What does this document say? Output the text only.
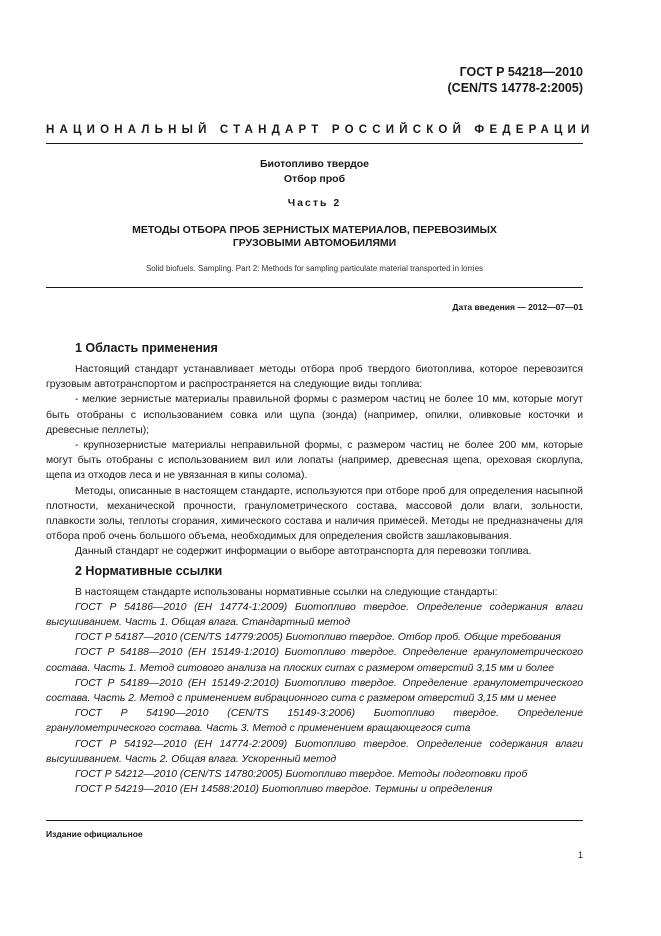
ГОСТ Р 54218—2010
(CEN/TS 14778-2:2005)
НАЦИОНАЛЬНЫЙ СТАНДАРТ РОССИЙСКОЙ ФЕДЕРАЦИИ
Биотопливо твердое
Отбор проб
Часть 2
МЕТОДЫ ОТБОРА ПРОБ ЗЕРНИСТЫХ МАТЕРИАЛОВ, ПЕРЕВОЗИМЫХ
ГРУЗОВЫМИ АВТОМОБИЛЯМИ
Solid biofuels. Sampling. Part 2: Methods for sampling particulate material transported in lorries
Дата введения — 2012—07—01
1 Область применения

Настоящий стандарт устанавливает методы отбора проб твердого биотоплива, которое перевозится грузовым автотранспортом и распространяется на следующие виды топлива:

- мелкие зернистые материалы правильной формы с размером частиц не более 10 мм, которые могут быть отобраны с использованием совка или щупа (зонда) (например, опилки, оливковые косточки и древесные пеллеты);

- крупнозернистые материалы неправильной формы, с размером частиц не более 200 мм, которые могут быть отобраны с использованием вил или лопаты (например, древесная щепа, ореховая скорлупа, щепа из отходов леса и не увязанная в кипы солома).

Методы, описанные в настоящем стандарте, используются при отборе проб для определения насыпной плотности, механической прочности, гранулометрического состава, массовой доли влаги, зольности, плавкости золы, теплоты сгорания, химического состава и наличия примесей. Методы не предназначены для отбора проб очень большого объема, необходимых для определения свойств зашлаковывания.

Данный стандарт не содержит информации о выборе автотранспорта для перевозки топлива.

2 Нормативные ссылки

В настоящем стандарте использованы нормативные ссылки на следующие стандарты:

ГОСТ Р 54186—2010 (ЕН 14774-1:2009) Биотопливо твердое. Определение содержания влаги высушиванием. Часть 1. Общая влага. Стандартный метод

ГОСТ Р 54187—2010 (CEN/TS 14779:2005) Биотопливо твердое. Отбор проб. Общие требования

ГОСТ Р 54188—2010 (ЕН 15149-1:2010) Биотопливо твердое. Определение гранулометрического состава. Часть 1. Метод ситового анализа на плоских ситах с размером отверстий 3,15 мм и более

ГОСТ Р 54189—2010 (ЕН 15149-2:2010) Биотопливо твердое. Определение гранулометрического состава. Часть 2. Метод с применением вибрационного сита с размером отверстий 3,15 мм и менее

ГОСТ Р 54190—2010 (CEN/TS 15149-3:2006) Биотопливо твердое. Определение гранулометрического состава. Часть 3. Метод с применением вращающегося сита

ГОСТ Р 54192—2010 (ЕН 14774-2:2009) Биотопливо твердое. Определение содержания влаги высушиванием. Часть 2. Общая влага. Ускоренный метод

ГОСТ Р 54212—2010 (CEN/TS 14780:2005) Биотопливо твердое. Методы подготовки проб

ГОСТ Р 54219—2010 (ЕН 14588:2010) Биотопливо твердое. Термины и определения

Издание официальное
1
